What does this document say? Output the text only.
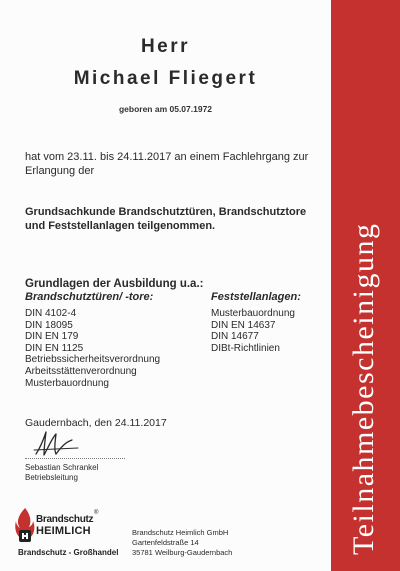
Herr
Michael Fliegert
geboren am 05.07.1972
hat vom 23.11. bis 24.11.2017 an einem Fachlehrgang zur Erlangung der
Grundsachkunde Brandschutztüren, Brandschutztore und Feststellanlagen teilgenommen.
Grundlagen der Ausbildung u.a.:
Brandschutztüren/ -tore:
DIN 4102-4
DIN 18095
DIN EN 179
DIN EN 1125
Betriebssicherheitsverordnung
Arbeitsstättenverordnung
Musterbauordnung
Feststellanlagen:
Musterbauordnung
DIN EN 14637
DIN 14677
DIBt-Richtlinien
Gaudernbach, den 24.11.2017
Sebastian Schrankel
Betriebsleitung
Brandschutz
®
HEIMLICH
Brandschutz - Großhandel
Brandschutz Heimlich GmbH
Gartenfeldstraße 14
35781 Weilburg-Gaudernbach	Teilnahmebescheinigung
